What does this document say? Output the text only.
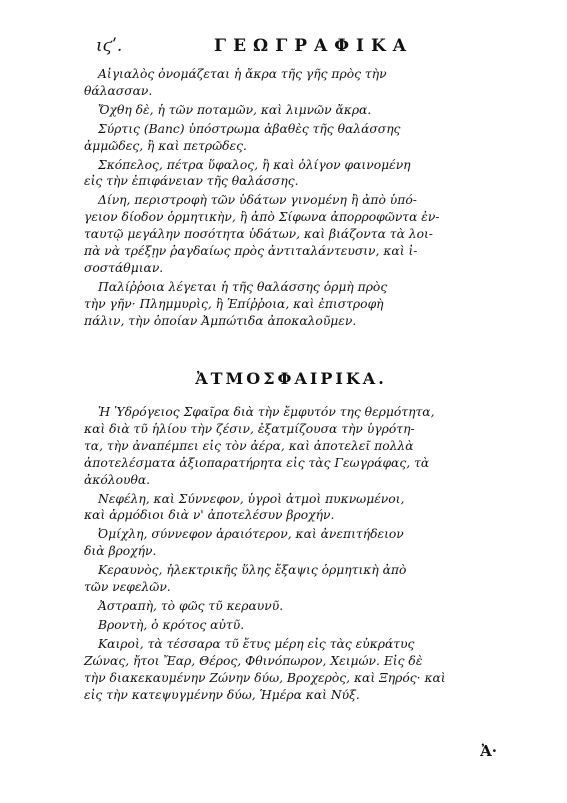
ιϛʹ.	ΓΕΩΓΡΑΦΙΚΑ

Αἰγιαλὸς ὀνομάζεται ἡ ἄκρα τῆς γῆς πρὸς τὴν
θάλασσαν.

Ὄχθη δὲ, ἡ τῶν ποταμῶν, καὶ λιμνῶν ἄκρα.

Σύρτις (Banc) ὑπόστρωμα ἀβαθὲς τῆς θαλάσσης
ἀμμῶδες, ἢ καὶ πετρῶδες.

Σκόπελος, πέτρα ὕφαλος, ἢ καὶ ὀλίγον φαινομένη
εἰς τὴν ἐπιφάνειαν τῆς θαλάσσης.

Δίνη, περιστροφὴ τῶν ὑδάτων γινομένη ἢ ἀπὸ ὑπό-
γειον δίοδον ὁρμητικὴν, ἢ ἀπὸ Σίφωνα ἀπορροφῶντα ἐν-
ταυτῷ μεγάλην ποσότητα ὑδάτων, καὶ βιάζοντα τὰ λοι-
πὰ νὰ τρέξῃν ῥαγδαίως πρὸς ἀντιταλάντευσιν, καὶ ἰ-
σοστάθμιαν.

Παλίῤῥοια λέγεται ἡ τῆς θαλάσσης ὁρμὴ πρὸς
τὴν γῆν· Πλημμυρὶς, ἢ Ἐπίῤῥοια, καὶ ἐπιστροφὴ
πάλιν, τὴν ὁποίαν Ἀμπώτιδα ἀποκαλοῦμεν.

ἈΤΜΟΣΦΑΙΡΙΚΑ.

Ἡ Ὑδρόγειος Σφαῖρα διὰ τὴν ἔμφυτόν της θερμότητα,
καὶ διὰ τῦ ἡλίου τὴν ζέσιν, ἐξατμίζουσα τὴν ὑγρότη-
τα, τὴν ἀναπέμπει εἰς τὸν ἀέρα, καὶ ἀποτελεῖ πολλὰ
ἀποτελέσματα ἀξιοπαρατήρητα εἰς τὰς Γεωγράφας, τὰ
ἀκόλουθα.

Νεφέλη, καὶ Σύννεφον, ὑγροὶ ἀτμοὶ πυκνωμένοι,
καὶ ἁρμόδιοι διὰ ν' ἀποτελέσυν βροχήν.

Ὀμίχλη, σύννεφον ἀραιότερον, καὶ ἀνεπιτήδειον
διὰ βροχήν.

Κεραυνὸς, ἠλεκτρικῆς ὕλης ἔξαψις ὁρμητικὴ ἀπὸ
τῶν νεφελῶν.

Ἀστραπὴ, τὸ φῶς τῦ κεραυνῦ.

Βροντὴ, ὁ κρότος αὐτῦ.

Καιροὶ, τὰ τέσσαρα τῦ ἔτυς μέρη εἰς τὰς εὐκράτυς
Ζώνας, ἤτοι Ἔαρ, Θέρος, Φθινόπωρον, Χειμών. Εἰς δὲ
τὴν διακεκαυμένην Ζώνην δύω, Βροχερὸς, καὶ Ξηρός· καὶ
εἰς τὴν κατεψυγμένην δύω, Ἡμέρα καὶ Νύξ.

Ἀ·
